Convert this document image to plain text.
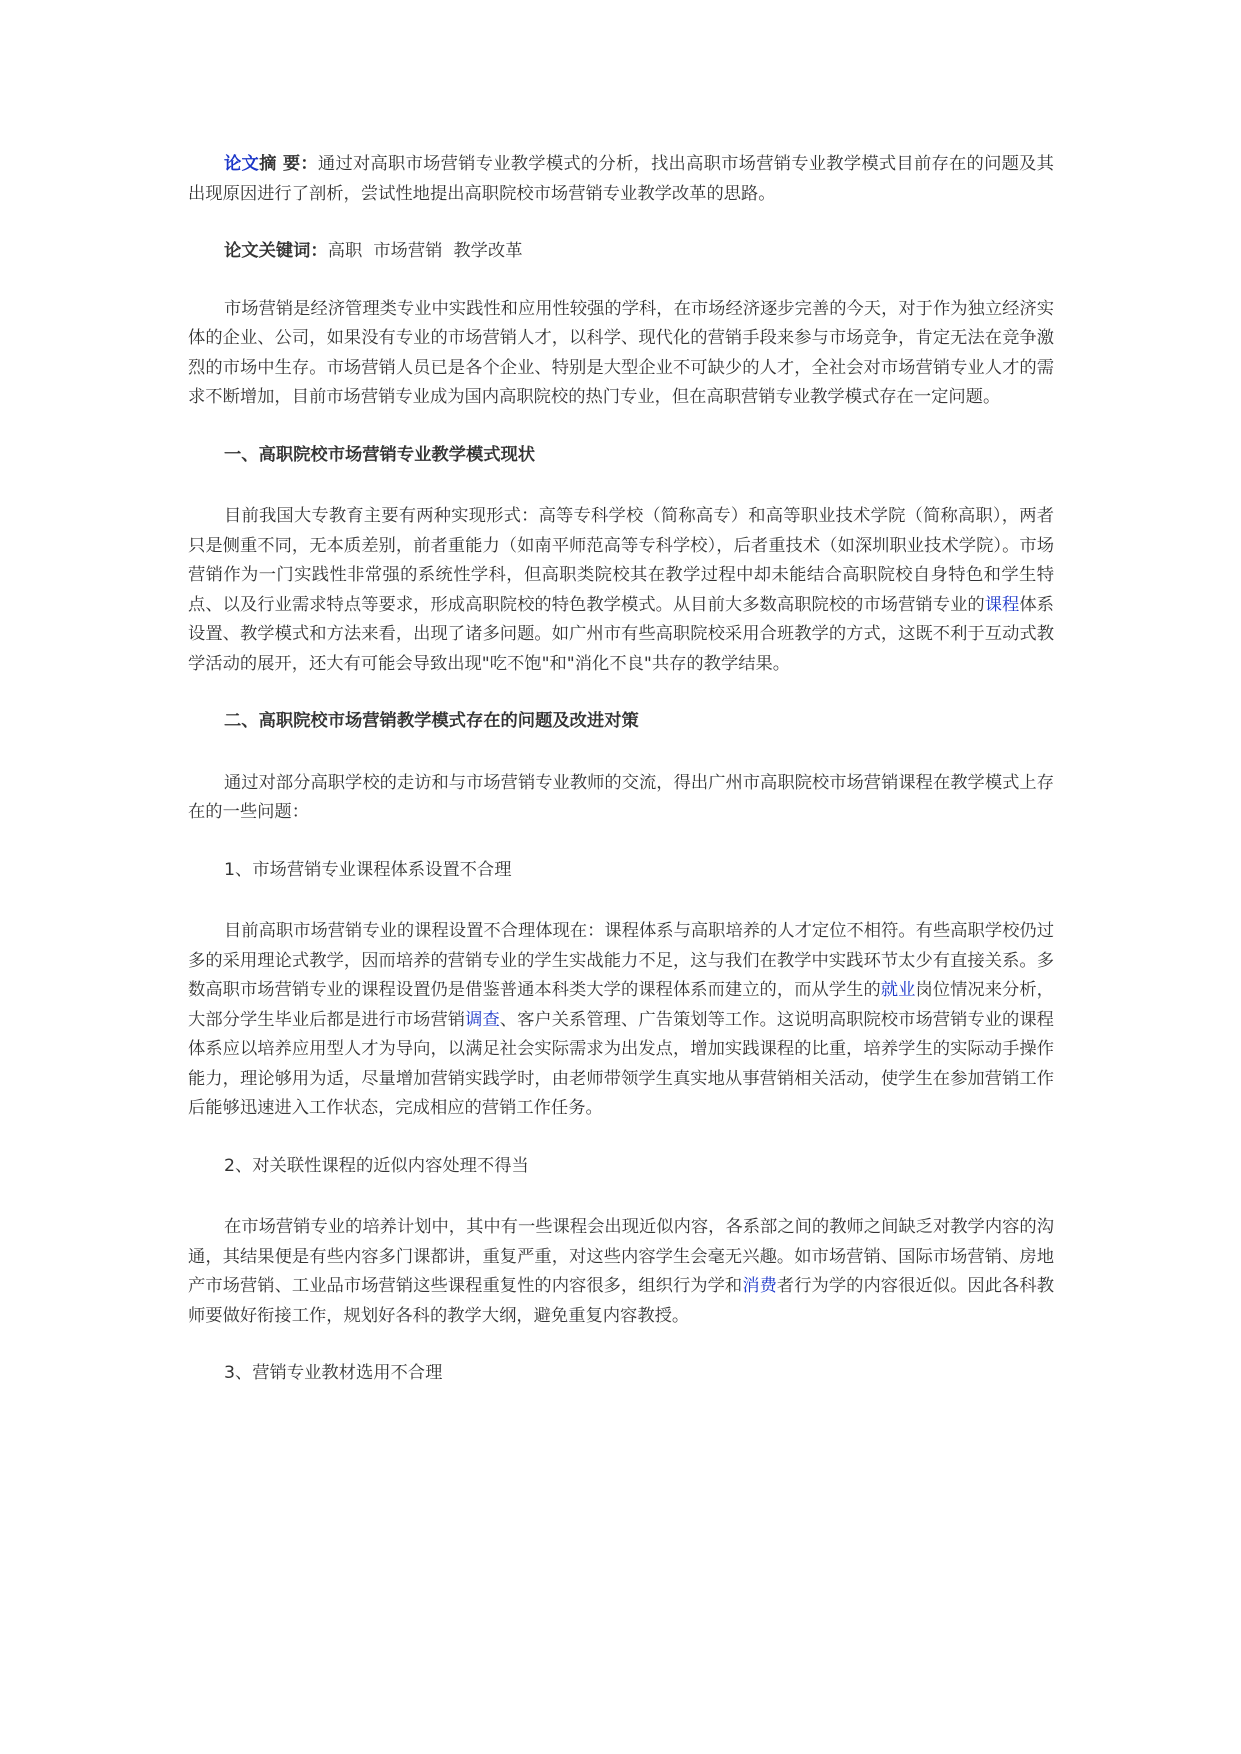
论文摘 要：通过对高职市场营销专业教学模式的分析，找出高职市场营销专业教学模式目前存在的问题及其出现原因进行了剖析，尝试性地提出高职院校市场营销专业教学改革的思路。

论文关键词：高职  市场营销  教学改革

市场营销是经济管理类专业中实践性和应用性较强的学科，在市场经济逐步完善的今天，对于作为独立经济实体的企业、公司，如果没有专业的市场营销人才，以科学、现代化的营销手段来参与市场竞争，肯定无法在竞争激烈的市场中生存。市场营销人员已是各个企业、特别是大型企业不可缺少的人才，全社会对市场营销专业人才的需求不断增加，目前市场营销专业成为国内高职院校的热门专业，但在高职营销专业教学模式存在一定问题。

一、高职院校市场营销专业教学模式现状

目前我国大专教育主要有两种实现形式：高等专科学校（简称高专）和高等职业技术学院（简称高职），两者只是侧重不同，无本质差别，前者重能力（如南平师范高等专科学校），后者重技术（如深圳职业技术学院）。市场营销作为一门实践性非常强的系统性学科，但高职类院校其在教学过程中却未能结合高职院校自身特色和学生特点、以及行业需求特点等要求，形成高职院校的特色教学模式。从目前大多数高职院校的市场营销专业的课程体系设置、教学模式和方法来看，出现了诸多问题。如广州市有些高职院校采用合班教学的方式，这既不利于互动式教学活动的展开，还大有可能会导致出现"吃不饱"和"消化不良"共存的教学结果。

二、高职院校市场营销教学模式存在的问题及改进对策

通过对部分高职学校的走访和与市场营销专业教师的交流，得出广州市高职院校市场营销课程在教学模式上存在的一些问题：

1、市场营销专业课程体系设置不合理

目前高职市场营销专业的课程设置不合理体现在：课程体系与高职培养的人才定位不相符。有些高职学校仍过多的采用理论式教学，因而培养的营销专业的学生实战能力不足，这与我们在教学中实践环节太少有直接关系。多数高职市场营销专业的课程设置仍是借鉴普通本科类大学的课程体系而建立的，而从学生的就业岗位情况来分析，大部分学生毕业后都是进行市场营销调查、客户关系管理、广告策划等工作。这说明高职院校市场营销专业的课程体系应以培养应用型人才为导向，以满足社会实际需求为出发点，增加实践课程的比重，培养学生的实际动手操作能力，理论够用为适，尽量增加营销实践学时，由老师带领学生真实地从事营销相关活动，使学生在参加营销工作后能够迅速进入工作状态，完成相应的营销工作任务。

2、对关联性课程的近似内容处理不得当

在市场营销专业的培养计划中，其中有一些课程会出现近似内容，各系部之间的教师之间缺乏对教学内容的沟通，其结果便是有些内容多门课都讲，重复严重，对这些内容学生会毫无兴趣。如市场营销、国际市场营销、房地产市场营销、工业品市场营销这些课程重复性的内容很多，组织行为学和消费者行为学的内容很近似。因此各科教师要做好衔接工作，规划好各科的教学大纲，避免重复内容教授。

3、营销专业教材选用不合理
